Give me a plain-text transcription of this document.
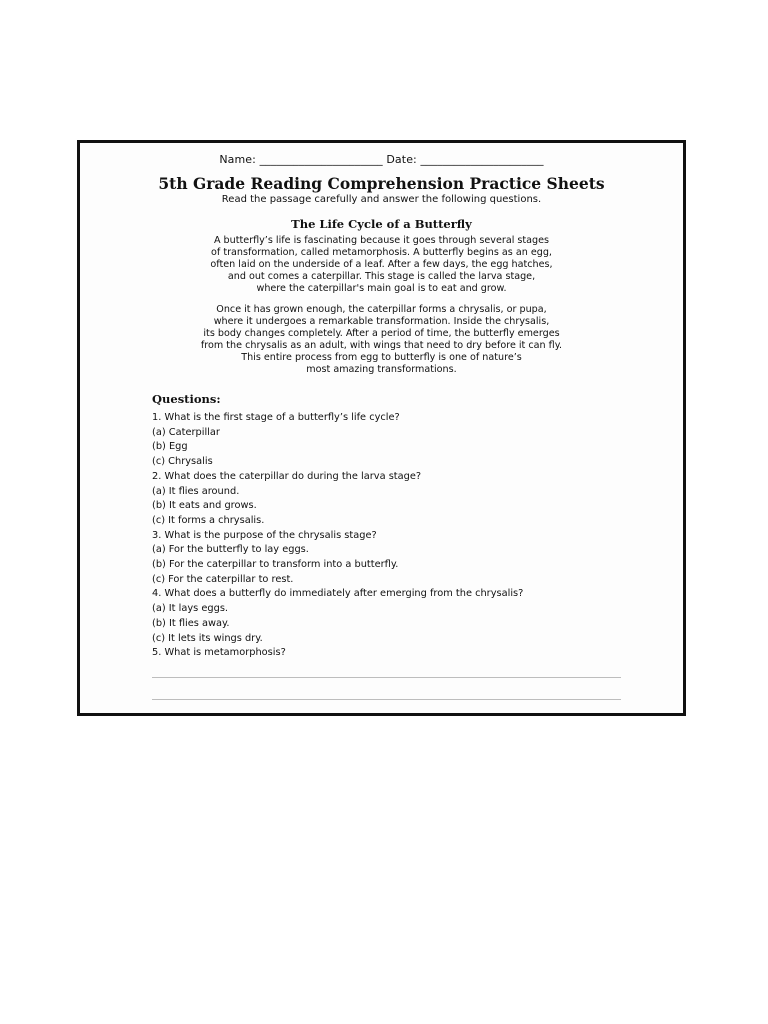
Name: ______________________ Date: ______________________
5th Grade Reading Comprehension Practice Sheets
Read the passage carefully and answer the following questions.
The Life Cycle of a Butterfly

A butterfly’s life is fascinating because it goes through several stages
of transformation, called metamorphosis. A butterfly begins as an egg,
often laid on the underside of a leaf. After a few days, the egg hatches,
and out comes a caterpillar. This stage is called the larva stage,
where the caterpillar's main goal is to eat and grow.

Once it has grown enough, the caterpillar forms a chrysalis, or pupa,
where it undergoes a remarkable transformation. Inside the chrysalis,
its body changes completely. After a period of time, the butterfly emerges
from the chrysalis as an adult, with wings that need to dry before it can fly.
This entire process from egg to butterfly is one of nature’s
most amazing transformations.

Questions:
1. What is the first stage of a butterfly’s life cycle?
(a) Caterpillar
(b) Egg
(c) Chrysalis
2. What does the caterpillar do during the larva stage?
(a) It flies around.
(b) It eats and grows.
(c) It forms a chrysalis.
3. What is the purpose of the chrysalis stage?
(a) For the butterfly to lay eggs.
(b) For the caterpillar to transform into a butterfly.
(c) For the caterpillar to rest.
4. What does a butterfly do immediately after emerging from the chrysalis?
(a) It lays eggs.
(b) It flies away.
(c) It lets its wings dry.
5. What is metamorphosis?
